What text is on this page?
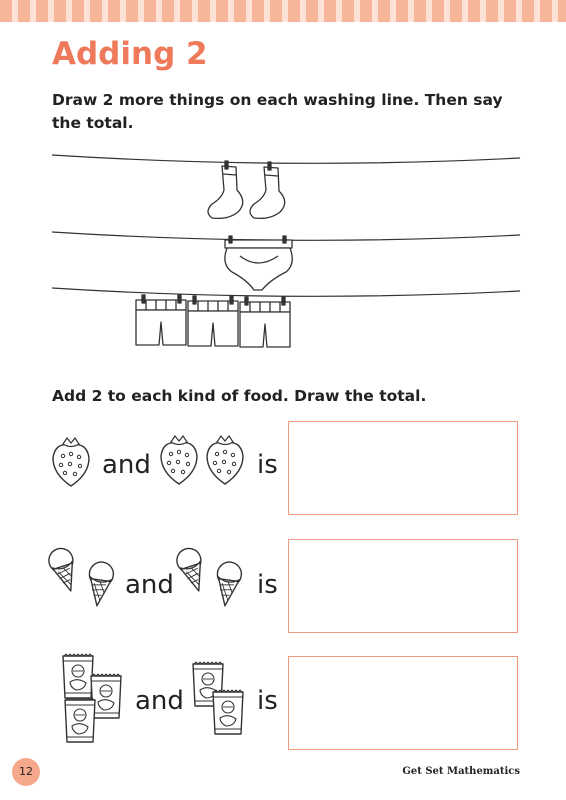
Adding 2

Draw 2 more things on each washing line. Then say the total.

Add 2 to each kind of food. Draw the total.

and	is
and	is
and	is
12	Get Set Mathematics
